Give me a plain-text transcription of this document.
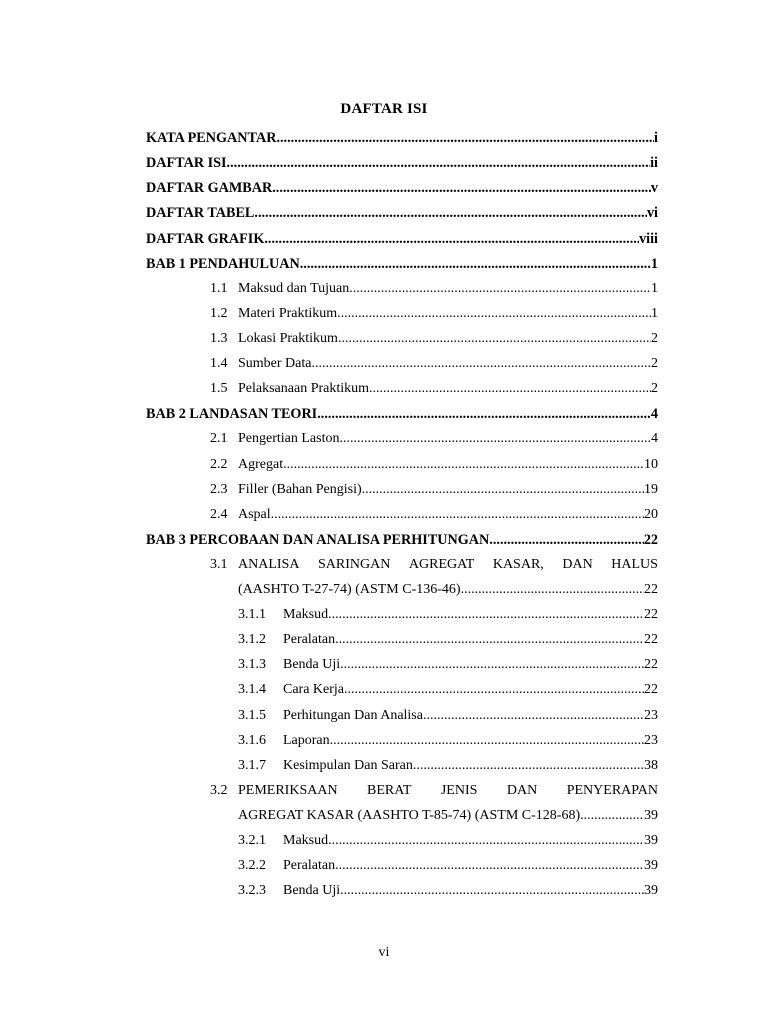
DAFTAR ISI
KATA PENGANTAR .....	i
DAFTAR ISI .....	ii
DAFTAR GAMBAR .....	v
DAFTAR TABEL .....	vi
DAFTAR GRAFIK .....	viii
BAB 1 PENDAHULUAN .....	1
1.1 Maksud dan Tujuan .....	1
1.2 Materi Praktikum .....	1
1.3 Lokasi Praktikum .....	2
1.4 Sumber Data .....	2
1.5 Pelaksanaan Praktikum .....	2
BAB 2 LANDASAN TEORI .....	4
2.1 Pengertian Laston .....	4
2.2 Agregat .....	10
2.3 Filler (Bahan Pengisi) .....	19
2.4 Aspal .....	20
BAB 3 PERCOBAAN DAN ANALISA PERHITUNGAN .....	22
3.1 ANALISA SARINGAN AGREGAT KASAR, DAN HALUS
(AASHTO T-27-74) (ASTM C-136-46) .....	22
3.1.1	Maksud .....	22
3.1.2	Peralatan .....	22
3.1.3	Benda Uji .....	22
3.1.4	Cara Kerja .....	22
3.1.5	Perhitungan Dan Analisa .....	23
3.1.6	Laporan .....	23
3.1.7	Kesimpulan Dan Saran .....	38
3.2 PEMERIKSAAN BERAT JENIS DAN PENYERAPAN
AGREGAT KASAR (AASHTO T-85-74) (ASTM C-128-68) .....	39
3.2.1	Maksud .....	39
3.2.2	Peralatan .....	39
3.2.3	Benda Uji .....	39
vi
